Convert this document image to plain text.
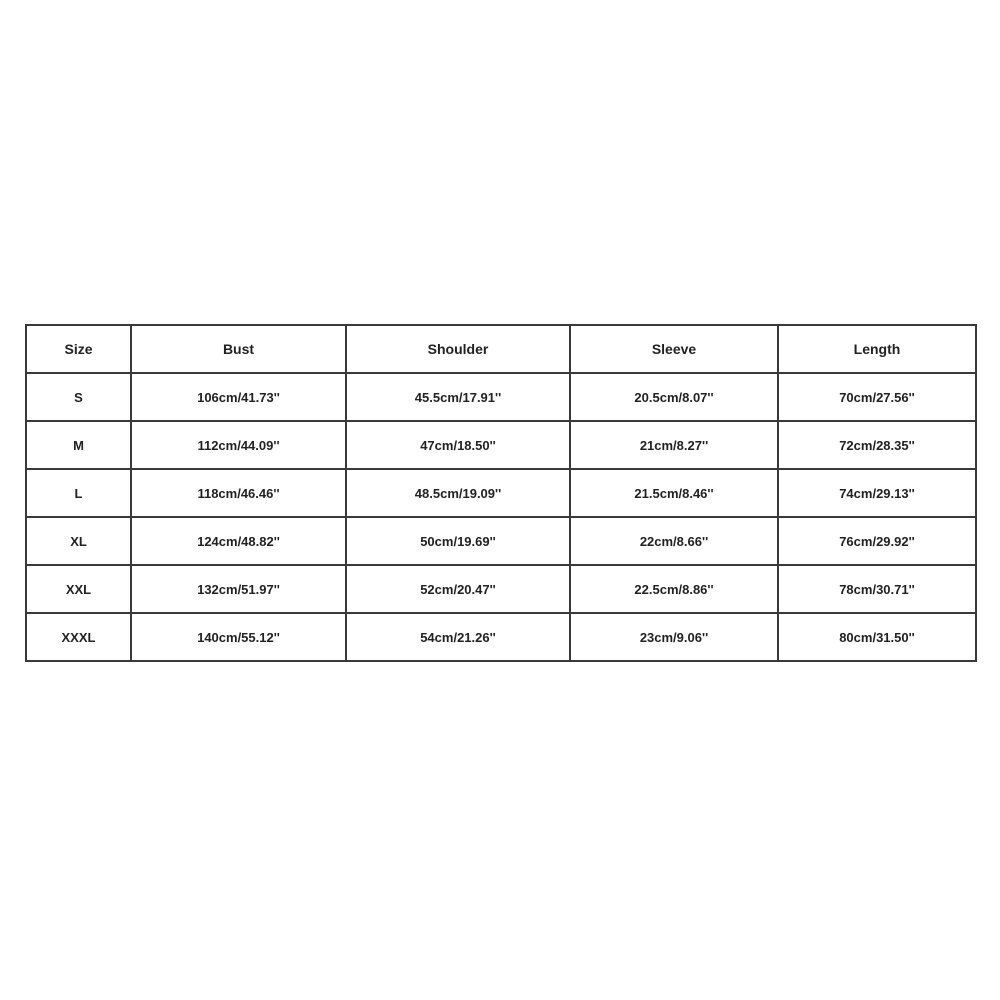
Size	Bust	Shoulder	Sleeve	Length
S	106cm/41.73''	45.5cm/17.91''	20.5cm/8.07''	70cm/27.56''
M	112cm/44.09''	47cm/18.50''	21cm/8.27''	72cm/28.35''
L	118cm/46.46''	48.5cm/19.09''	21.5cm/8.46''	74cm/29.13''
XL	124cm/48.82''	50cm/19.69''	22cm/8.66''	76cm/29.92''
XXL	132cm/51.97''	52cm/20.47''	22.5cm/8.86''	78cm/30.71''
XXXL	140cm/55.12''	54cm/21.26''	23cm/9.06''	80cm/31.50''
